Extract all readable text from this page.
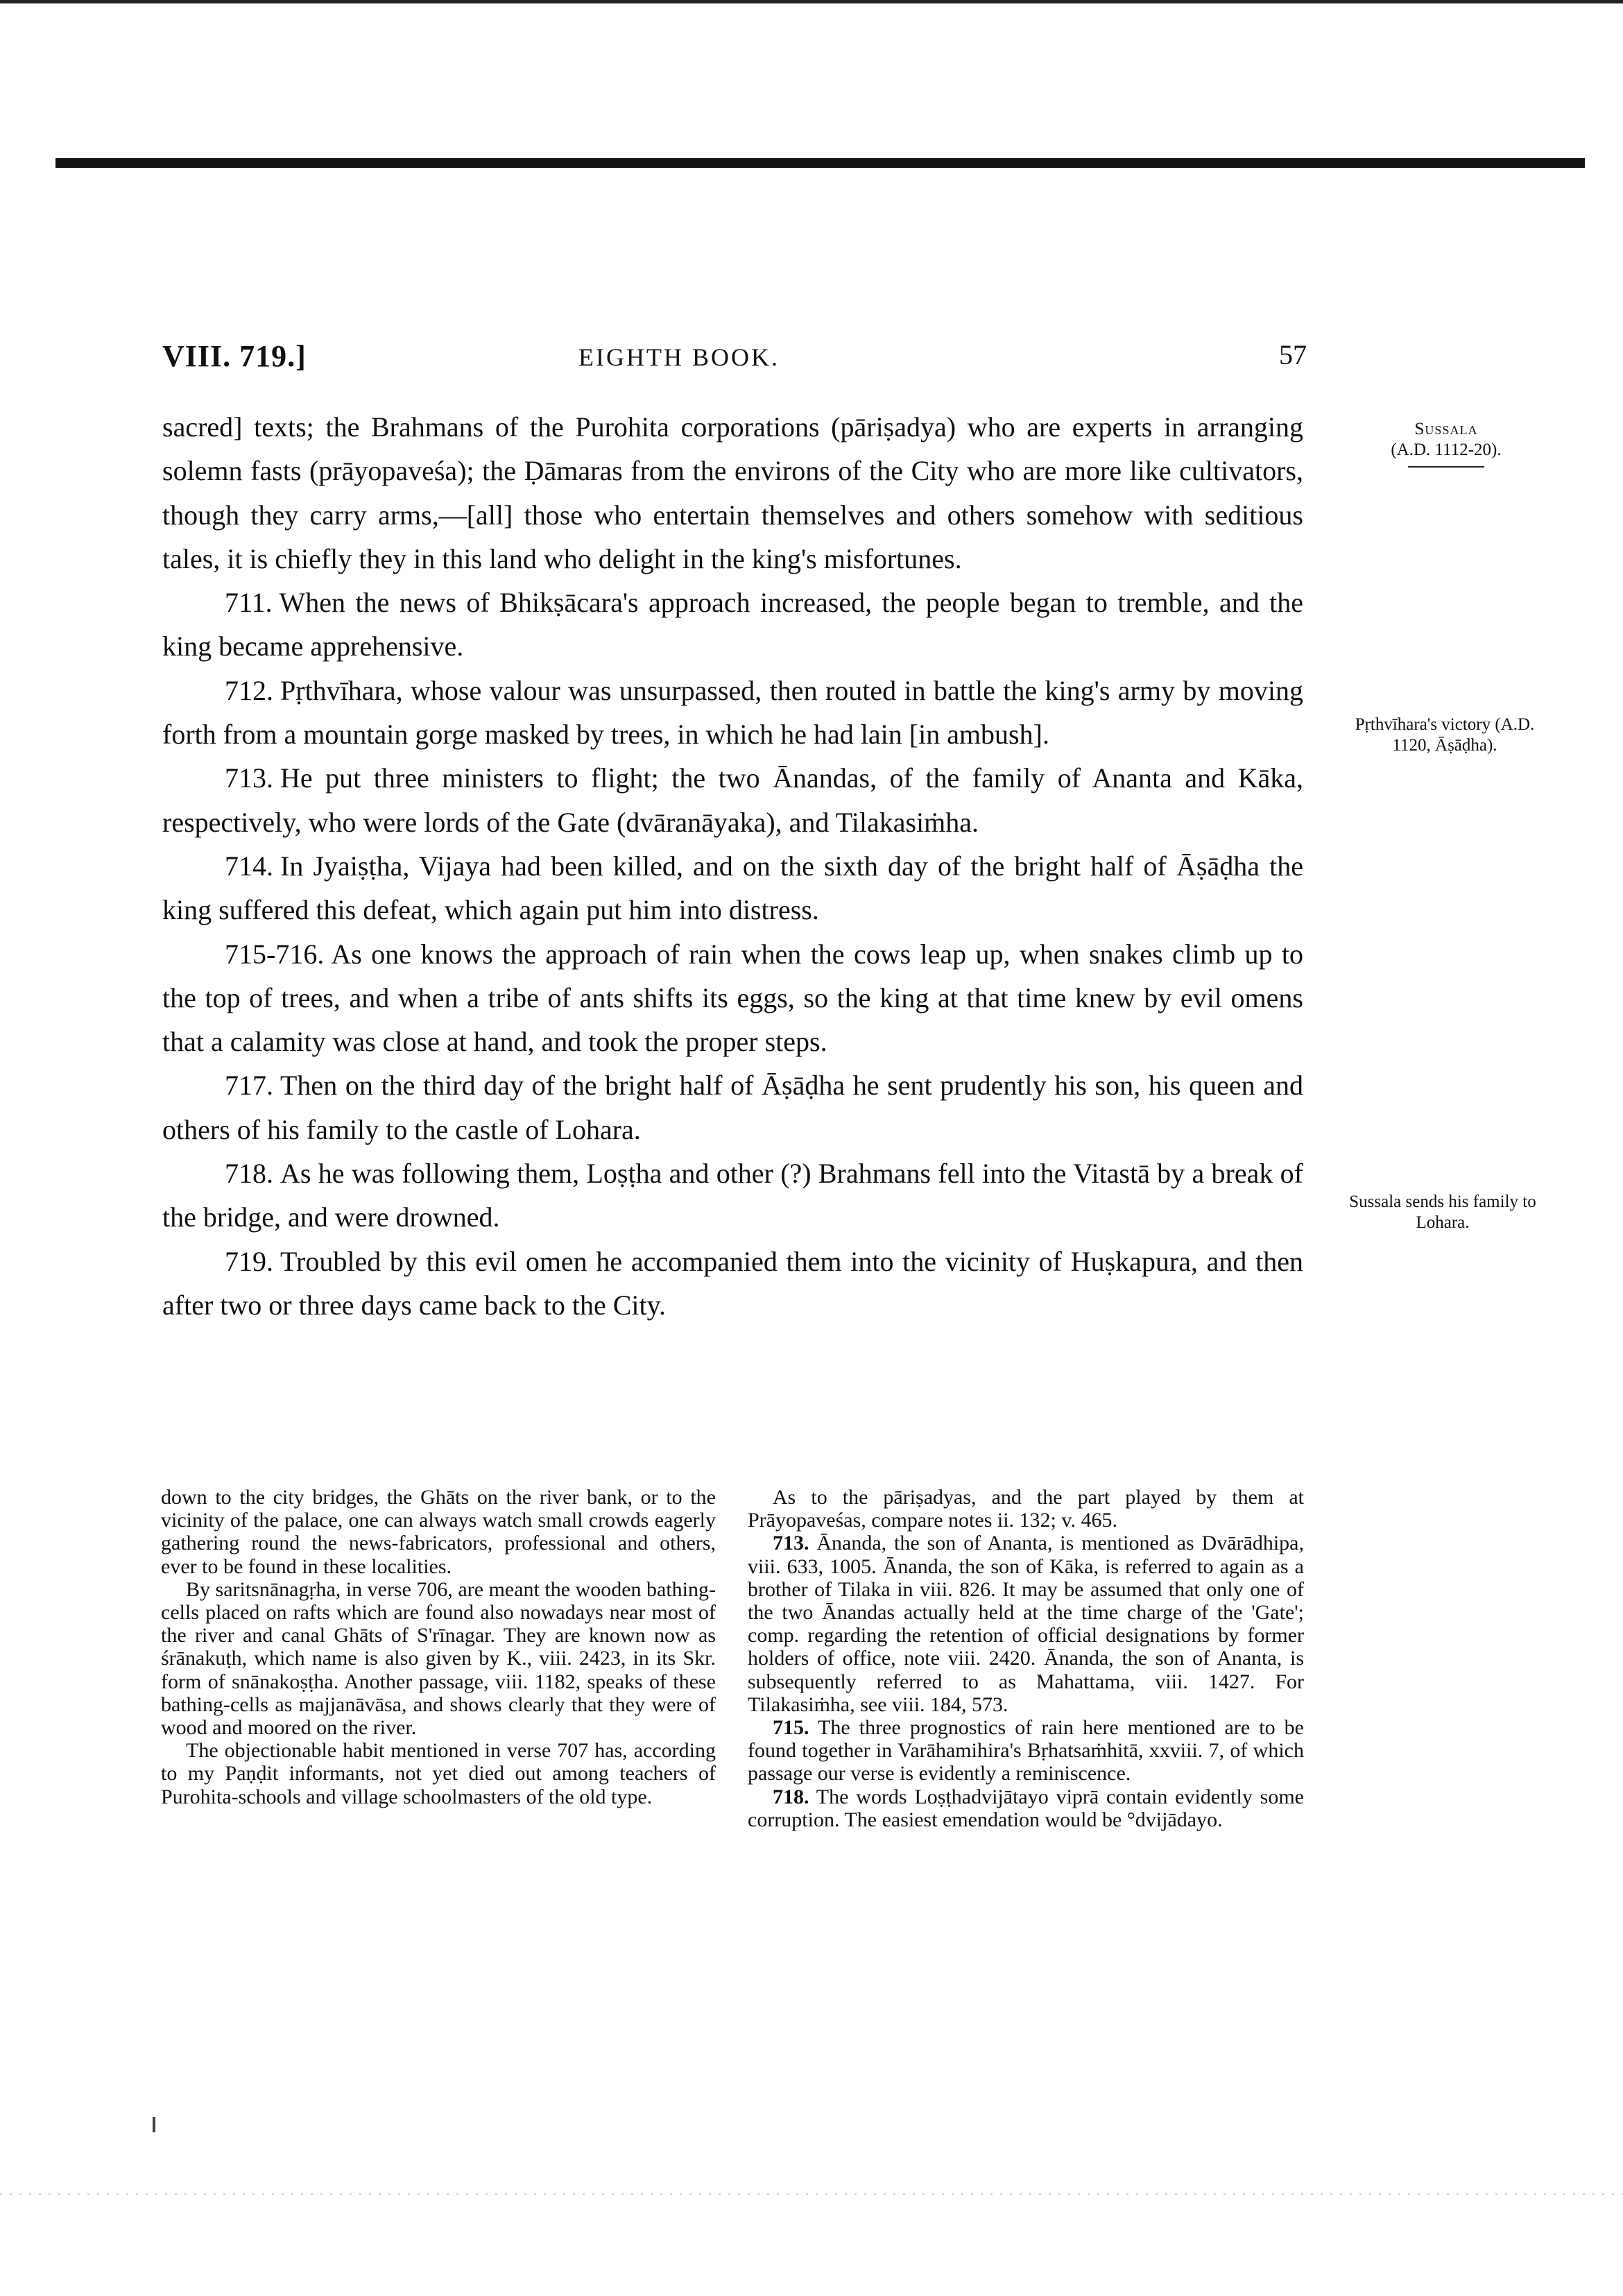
VIII. 719.]	EIGHTH BOOK.	57

sacred] texts; the Brahmans of the Purohita corporations (pāriṣadya) who are experts in arranging solemn fasts (prāyopaveśa); the Ḍāmaras from the environs of the City who are more like cultivators, though they carry arms,—[all] those who entertain themselves and others somehow with seditious tales, it is chiefly they in this land who delight in the king's misfortunes.

711. When the news of Bhikṣācara's approach increased, the people began to tremble, and the king became apprehensive.

712. Pṛthvīhara, whose valour was unsurpassed, then routed in battle the king's army by moving forth from a mountain gorge masked by trees, in which he had lain [in ambush].

713. He put three ministers to flight; the two Ānandas, of the family of Ananta and Kāka, respectively, who were lords of the Gate (dvāranāyaka), and Tilakasiṁha.

714. In Jyaiṣṭha, Vijaya had been killed, and on the sixth day of the bright half of Āṣāḍha the king suffered this defeat, which again put him into distress.

715-716. As one knows the approach of rain when the cows leap up, when snakes climb up to the top of trees, and when a tribe of ants shifts its eggs, so the king at that time knew by evil omens that a calamity was close at hand, and took the proper steps.

717. Then on the third day of the bright half of Āṣāḍha he sent prudently his son, his queen and others of his family to the castle of Lohara.

718. As he was following them, Loṣṭha and other (?) Brahmans fell into the Vitastā by a break of the bridge, and were drowned.

719. Troubled by this evil omen he accompanied them into the vicinity of Huṣkapura, and then after two or three days came back to the City.

Sussala
(A.D. 1112-20).
Pṛthvīhara's victory (A.D. 1120, Āṣāḍha).
Sussala sends his family to Lohara.

down to the city bridges, the Ghāts on the river bank, or to the vicinity of the palace, one can always watch small crowds eagerly gathering round the news-fabricators, professional and others, ever to be found in these localities.

By saritsnānagṛha, in verse 706, are meant the wooden bathing-cells placed on rafts which are found also nowadays near most of the river and canal Ghāts of S'rīnagar. They are known now as śrānakuṭh, which name is also given by K., viii. 2423, in its Skr. form of snānakoṣṭha. Another passage, viii. 1182, speaks of these bathing-cells as majjanāvāsa, and shows clearly that they were of wood and moored on the river.

The objectionable habit mentioned in verse 707 has, according to my Paṇḍit informants, not yet died out among teachers of Purohita-schools and village schoolmasters of the old type.

As to the pāriṣadyas, and the part played by them at Prāyopaveśas, compare notes ii. 132; v. 465.

713. Ānanda, the son of Ananta, is mentioned as Dvārādhipa, viii. 633, 1005. Ānanda, the son of Kāka, is referred to again as a brother of Tilaka in viii. 826. It may be assumed that only one of the two Ānandas actually held at the time charge of the 'Gate'; comp. regarding the retention of official designations by former holders of office, note viii. 2420. Ānanda, the son of Ananta, is subsequently referred to as Mahattama, viii. 1427. For Tilakasiṁha, see viii. 184, 573.

715. The three prognostics of rain here mentioned are to be found together in Varāhamihira's Bṛhatsaṁhitā, xxviii. 7, of which passage our verse is evidently a reminiscence.

718. The words Loṣṭhadvijātayo viprā contain evidently some corruption. The easiest emendation would be °dvijādayo.
